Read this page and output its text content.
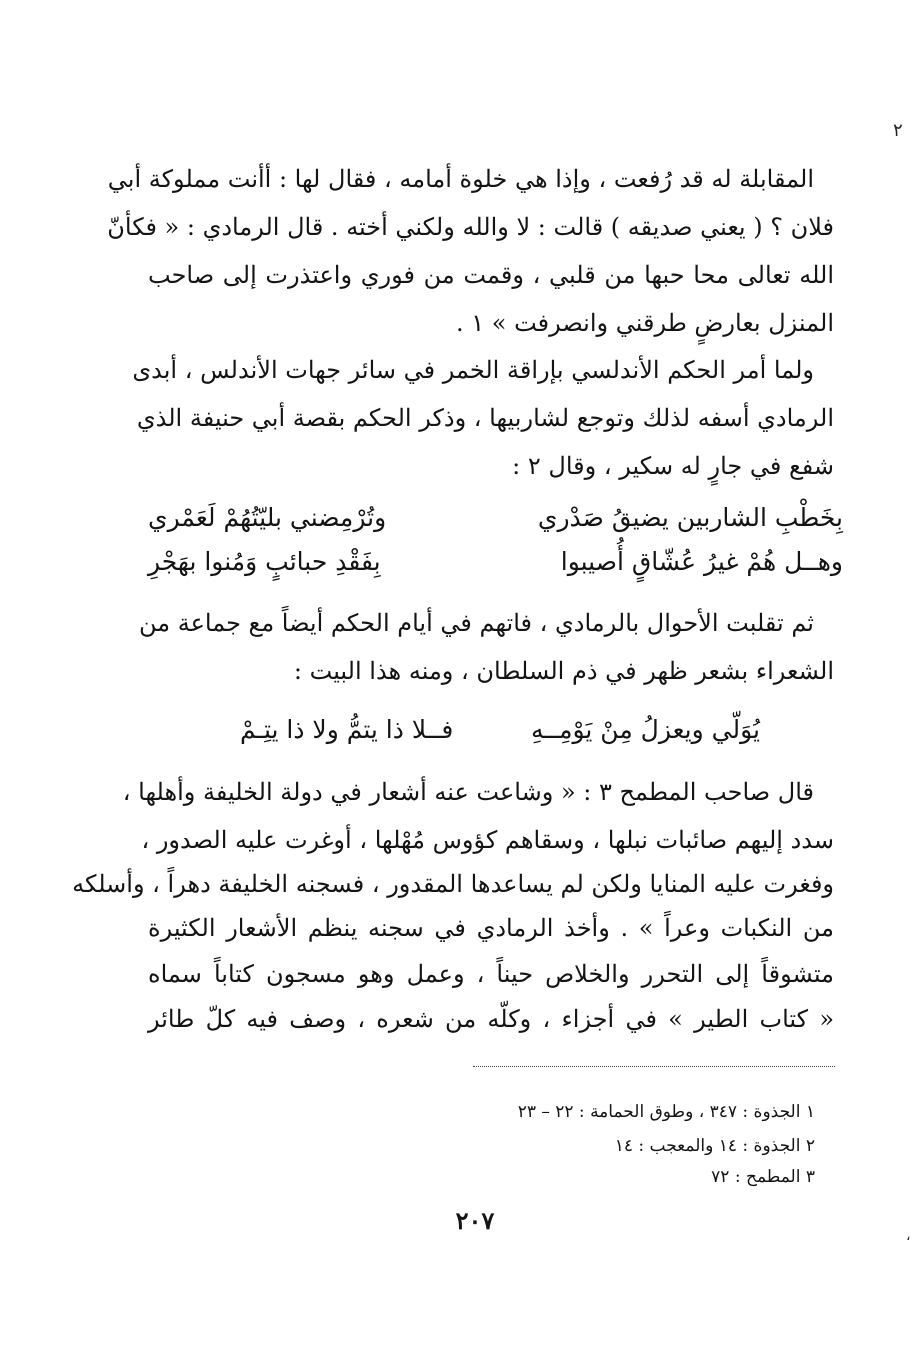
٢
المقابلة له قد رُفعت ، وإذا هي خلوة أمامه ، فقال لها : أأنت مملوكة أبي
فلان ؟ ( يعني صديقه ) قالت : لا والله ولكني أخته . قال الرمادي : « فكأنّ
الله تعالى محا حبها من قلبي ، وقمت من فوري واعتذرت إلى صاحب
المنزل بعارضٍ طرقني وانصرفت » ١ .
ولما أمر الحكم الأندلسي بإراقة الخمر في سائر جهات الأندلس ، أبدى
الرمادي أسفه لذلك وتوجع لشاربيها ، وذكر الحكم بقصة أبي حنيفة الذي
شفع في جارٍ له سكير ، وقال ٢ :
بِخَطْبِ الشاربين يضيقُ صَدْري
وتُرْمِضني بليّتُهُمْ لَعَمْري
وهــل هُمْ غيرُ عُشّاقٍ أُصيبوا
بِفَقْدِ حبائبٍ وَمُنوا بهَجْرِ
ثم تقلبت الأحوال بالرمادي ، فاتهم في أيام الحكم أيضاً مع جماعة من
الشعراء بشعر ظهر في ذم السلطان ، ومنه هذا البيت :
يُوَلّي ويعزلُ مِنْ يَوْمِــهِ
فــلا ذا يتمُّ ولا ذا يتِـمْ
قال صاحب المطمح ٣ : « وشاعت عنه أشعار في دولة الخليفة وأهلها ،
سدد إليهم صائبات نبلها ، وسقاهم كؤوس مُهْلها ، أوغرت عليه الصدور ،
وفغرت عليه المنايا ولكن لم يساعدها المقدور ، فسجنه الخليفة دهراً ، وأسلكه
من النكبات وعراً » . وأخذ الرمادي في سجنه ينظم الأشعار الكثيرة
متشوقاً إلى التحرر والخلاص حيناً ، وعمل وهو مسجون كتاباً سماه
« كتاب الطير » في أجزاء ، وكلّه من شعره ، وصف فيه كلّ طائر
١ الجذوة : ٣٤٧ ، وطوق الحمامة : ٢٢ – ٢٣
٢ الجذوة : ١٤ والمعجب : ١٤
٣ المطمح : ٧٢
٢٠٧
،
